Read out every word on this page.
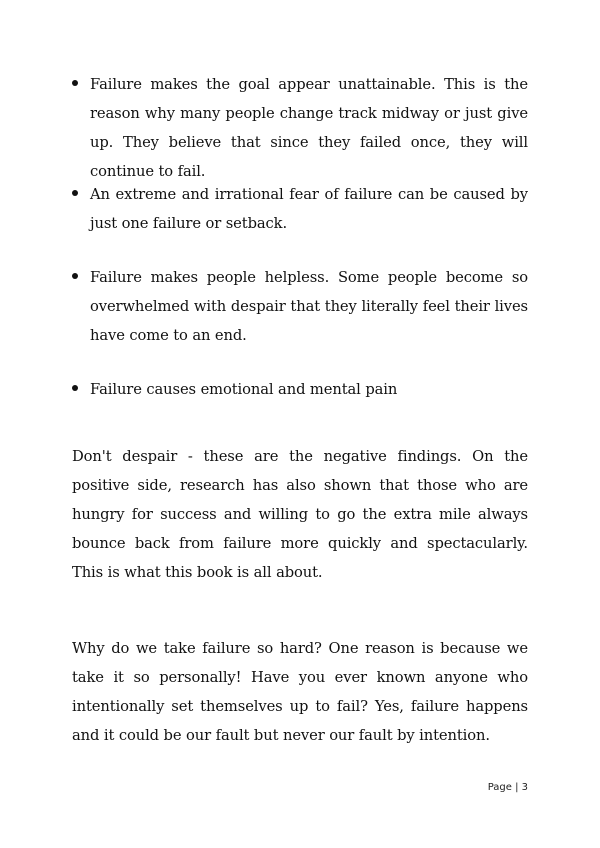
Failure makes the goal appear unattainable. This is the reason why many people change track midway or just give up. They believe that since they failed once, they will continue to fail.
An extreme and irrational fear of failure can be caused by just one failure or setback.
Failure makes people helpless. Some people become so overwhelmed with despair that they literally feel their lives have come to an end.
Failure causes emotional and mental pain

Don't despair - these are the negative findings. On the positive side, research has also shown that those who are hungry for success and willing to go the extra mile always bounce back from failure more quickly and spectacularly. This is what this book is all about.

Why do we take failure so hard? One reason is because we take it so personally! Have you ever known anyone who intentionally set themselves up to fail? Yes, failure happens and it could be our fault but never our fault by intention.

Page | 3
